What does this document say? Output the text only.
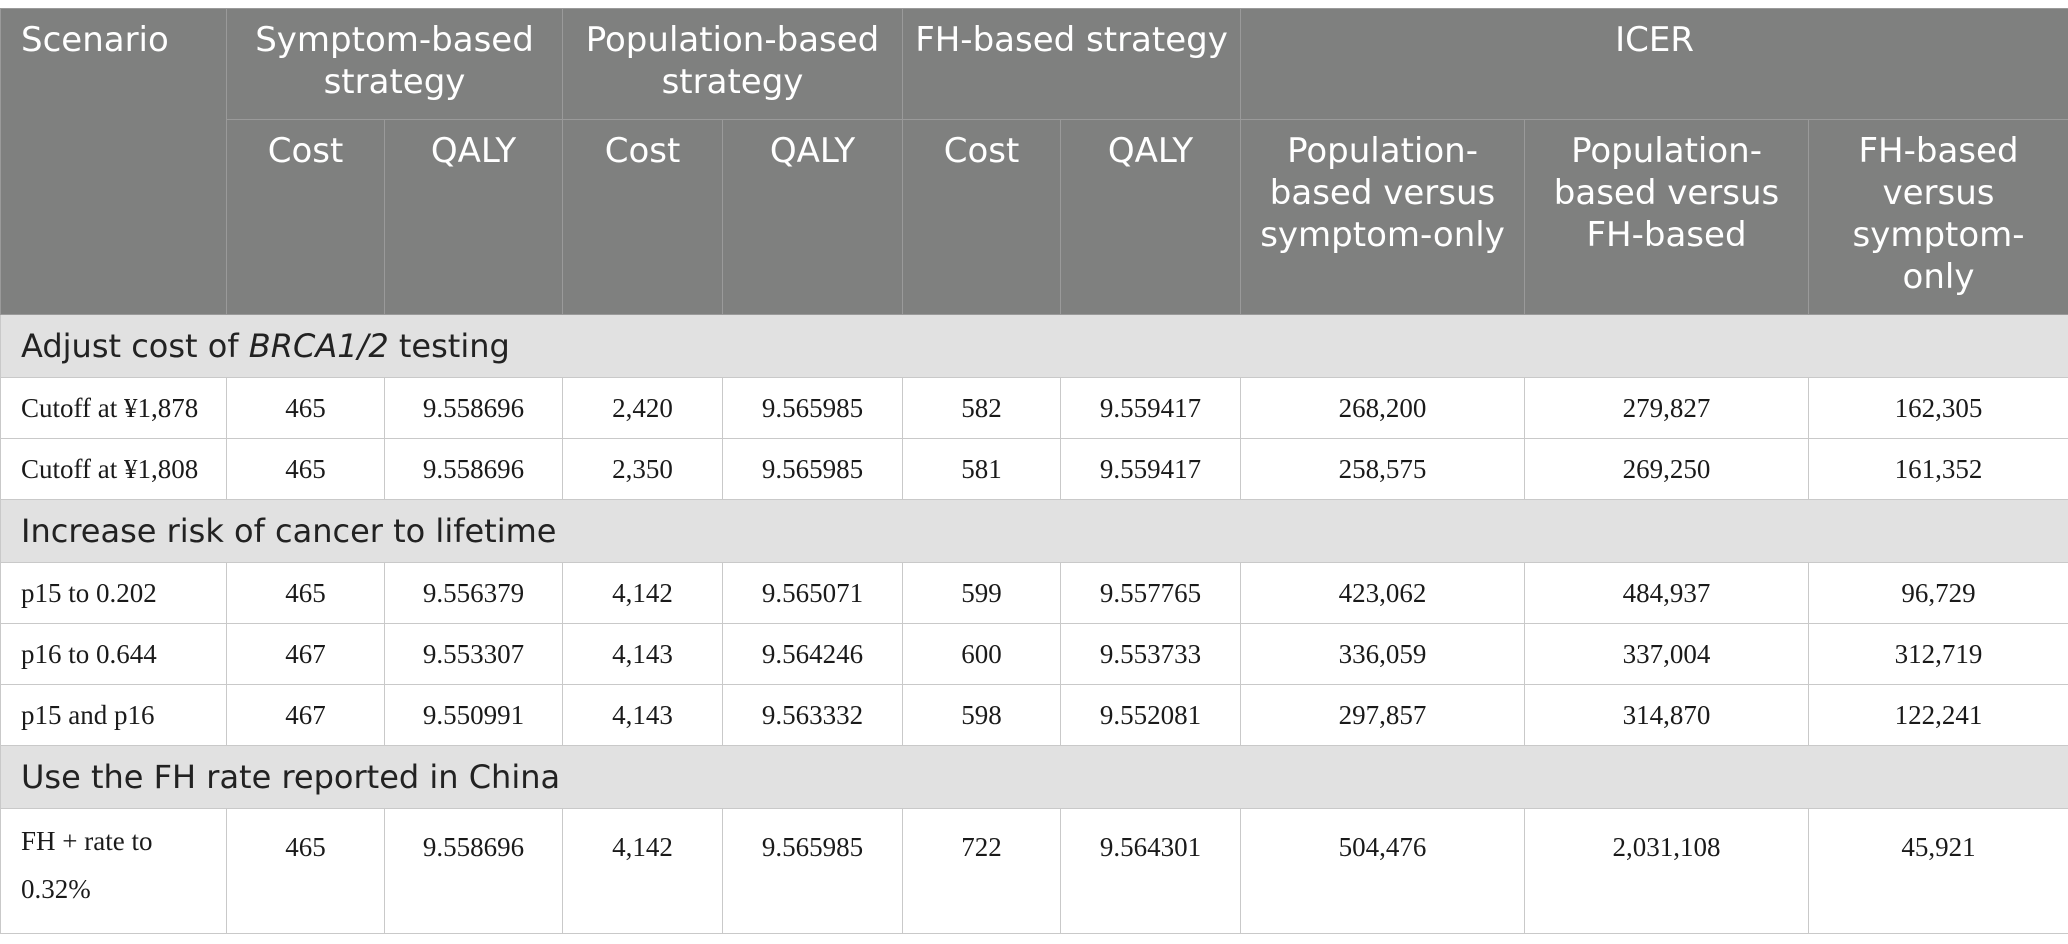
Scenario	Symptom-based strategy		Population-based strategy		FH-based strategy		ICER		
	Cost	QALY	Cost	QALY	Cost	QALY	Population-based versus symptom-only	Population-based versus FH-based	FH-based versus symptom-only
Adjust cost of BRCA1/2 testing									
Cutoff at ¥1,878	465	9.558696	2,420	9.565985	582	9.559417	268,200	279,827	162,305
Cutoff at ¥1,808	465	9.558696	2,350	9.565985	581	9.559417	258,575	269,250	161,352
Increase risk of cancer to lifetime									
p15 to 0.202	465	9.556379	4,142	9.565071	599	9.557765	423,062	484,937	96,729
p16 to 0.644	467	9.553307	4,143	9.564246	600	9.553733	336,059	337,004	312,719
p15 and p16	467	9.550991	4,143	9.563332	598	9.552081	297,857	314,870	122,241
Use the FH rate reported in China									
FH + rate to 0.32%	465	9.558696	4,142	9.565985	722	9.564301	504,476	2,031,108	45,921
